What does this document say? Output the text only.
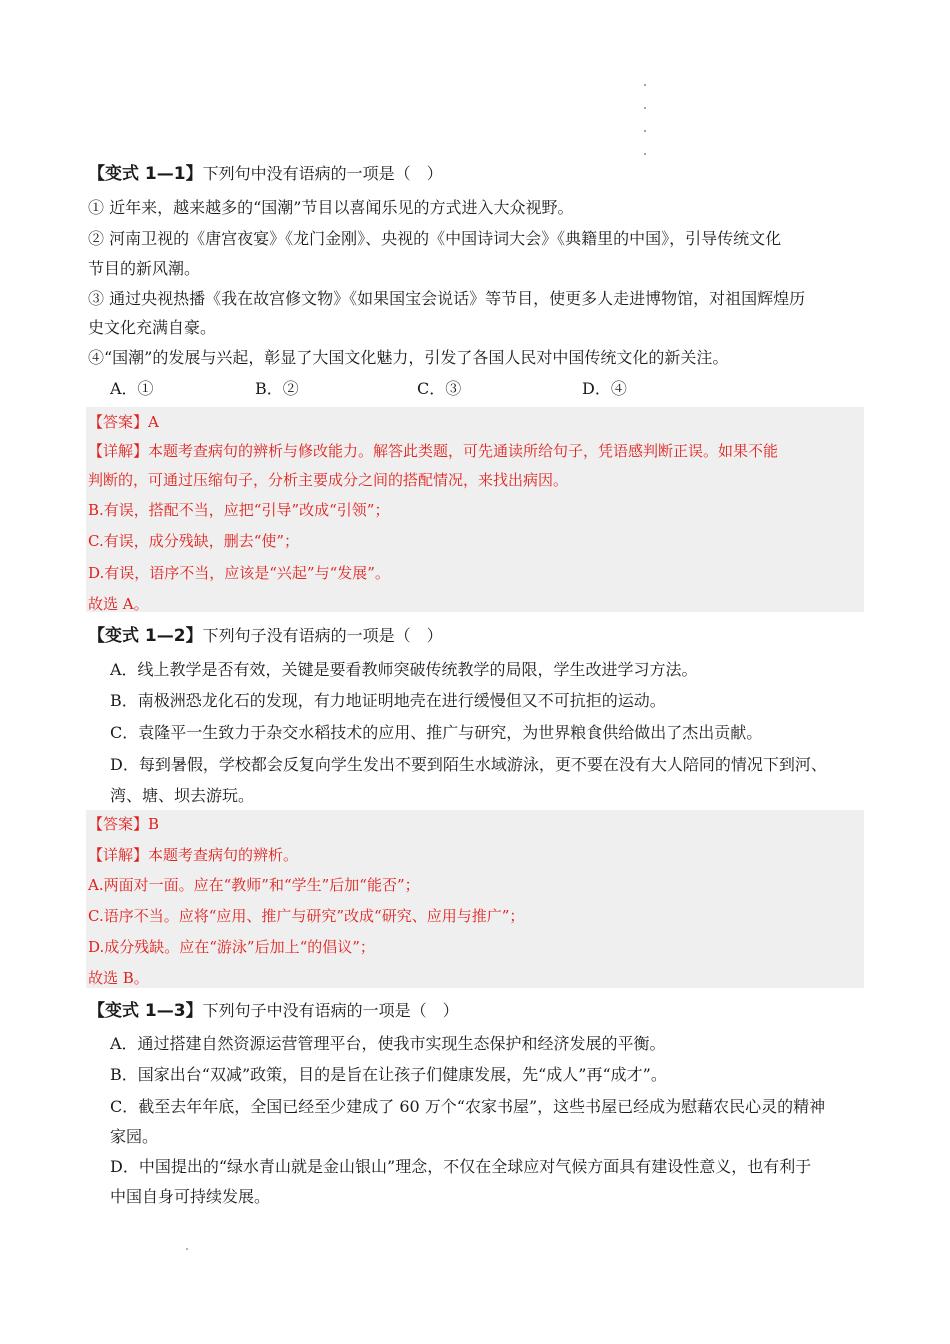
【变式 1—1】下列句中没有语病的一项是（　）
① 近年来，越来越多的“国潮”节目以喜闻乐见的方式进入大众视野。
② 河南卫视的《唐宫夜宴》《龙门金刚》、央视的《中国诗词大会》《典籍里的中国》，引导传统文化
节目的新风潮。
③ 通过央视热播《我在故宫修文物》《如果国宝会说话》等节目，使更多人走进博物馆，对祖国辉煌历
史文化充满自豪。
④“国潮”的发展与兴起，彰显了大国文化魅力，引发了各国人民对中国传统文化的新关注。
A．①	B．②	C．③	D．④
【答案】A
【详解】本题考查病句的辨析与修改能力。解答此类题，可先通读所给句子，凭语感判断正误。如果不能
判断的，可通过压缩句子，分析主要成分之间的搭配情况，来找出病因。
B.有误，搭配不当，应把“引导”改成“引领”；
C.有误，成分残缺，删去“使”；
D.有误，语序不当，应该是“兴起”与“发展”。
故选 A。
【变式 1—2】下列句子没有语病的一项是（　）
A．线上教学是否有效，关键是要看教师突破传统教学的局限，学生改进学习方法。
B．南极洲恐龙化石的发现，有力地证明地壳在进行缓慢但又不可抗拒的运动。
C．袁隆平一生致力于杂交水稻技术的应用、推广与研究，为世界粮食供给做出了杰出贡献。
D．每到暑假，学校都会反复向学生发出不要到陌生水域游泳，更不要在没有大人陪同的情况下到河、
湾、塘、坝去游玩。
【答案】B
【详解】本题考查病句的辨析。
A.两面对一面。应在“教师”和“学生”后加“能否”；
C.语序不当。应将“应用、推广与研究”改成“研究、应用与推广”；
D.成分残缺。应在“游泳”后加上“的倡议”；
故选 B。
【变式 1—3】下列句子中没有语病的一项是（　）
A．通过搭建自然资源运营管理平台，使我市实现生态保护和经济发展的平衡。
B．国家出台“双减”政策，目的是旨在让孩子们健康发展，先“成人”再“成才”。
C．截至去年年底，全国已经至少建成了 60 万个“农家书屋”，这些书屋已经成为慰藉农民心灵的精神
家园。
D．中国提出的“绿水青山就是金山银山”理念，不仅在全球应对气候方面具有建设性意义，也有利于
中国自身可持续发展。
